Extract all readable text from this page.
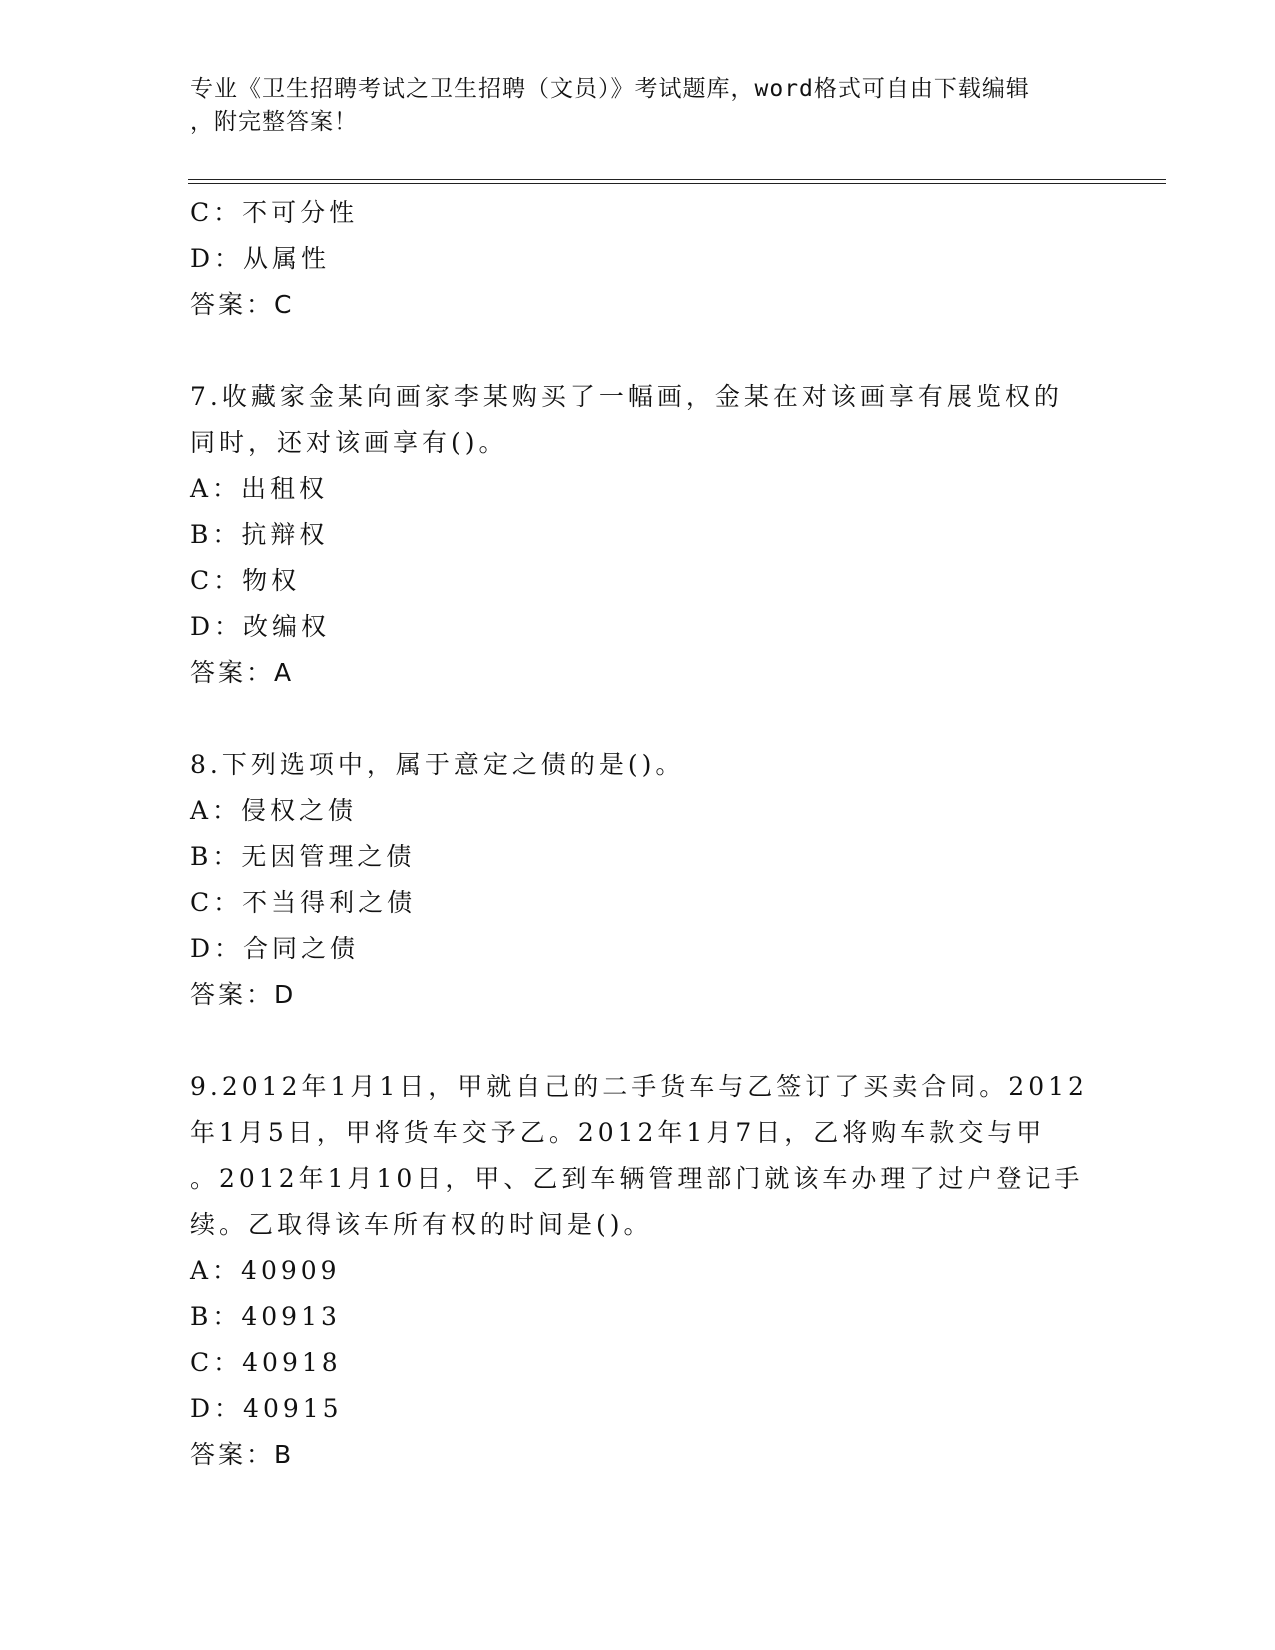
专业《卫生招聘考试之卫生招聘（文员）》考试题库，word格式可自由下载编辑
，附完整答案！
C：不可分性
D：从属性
答案：C
7.收藏家金某向画家李某购买了一幅画，金某在对该画享有展览权的
同时，还对该画享有()。
A：出租权
B：抗辩权
C：物权
D：改编权
答案：A
8.下列选项中，属于意定之债的是()。
A：侵权之债
B：无因管理之债
C：不当得利之债
D：合同之债
答案：D
9.2012年1月1日，甲就自己的二手货车与乙签订了买卖合同。2012
年1月5日，甲将货车交予乙。2012年1月7日，乙将购车款交与甲
。2012年1月10日，甲、乙到车辆管理部门就该车办理了过户登记手
续。乙取得该车所有权的时间是()。
A：40909
B：40913
C：40918
D：40915
答案：B
